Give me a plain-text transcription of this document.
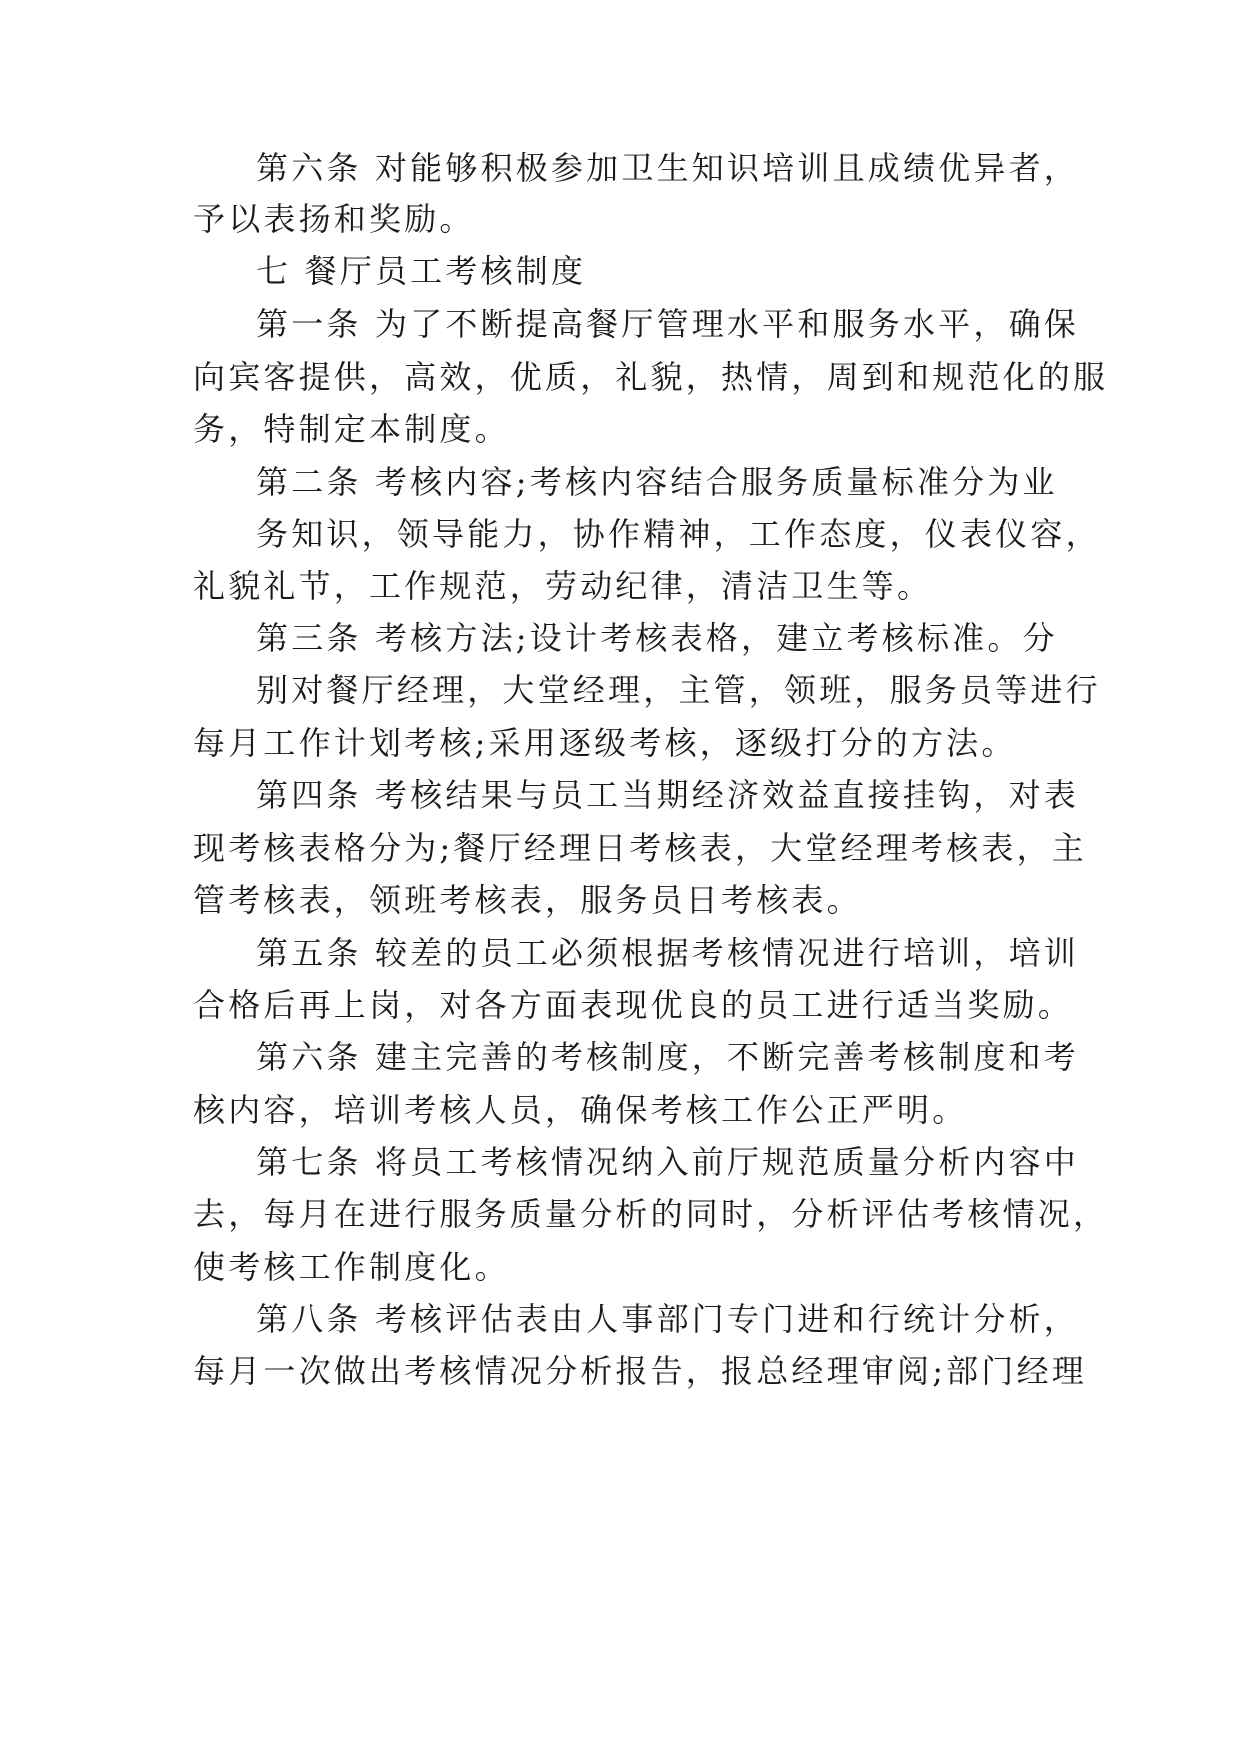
第六条 对能够积极参加卫生知识培训且成绩优异者，
予以表扬和奖励。
七 餐厅员工考核制度
第一条 为了不断提高餐厅管理水平和服务水平，确保
向宾客提供，高效，优质，礼貌，热情，周到和规范化的服
务，特制定本制度。
第二条 考核内容;考核内容结合服务质量标准分为业
务知识，领导能力，协作精神，工作态度，仪表仪容，
礼貌礼节，工作规范，劳动纪律，清洁卫生等。
第三条 考核方法;设计考核表格，建立考核标准。分
别对餐厅经理，大堂经理，主管，领班，服务员等进行
每月工作计划考核;采用逐级考核，逐级打分的方法。
第四条 考核结果与员工当期经济效益直接挂钩，对表
现考核表格分为;餐厅经理日考核表，大堂经理考核表，主
管考核表，领班考核表，服务员日考核表。
第五条 较差的员工必须根据考核情况进行培训，培训
合格后再上岗，对各方面表现优良的员工进行适当奖励。
第六条 建主完善的考核制度，不断完善考核制度和考
核内容，培训考核人员，确保考核工作公正严明。
第七条 将员工考核情况纳入前厅规范质量分析内容中
去，每月在进行服务质量分析的同时，分析评估考核情况，
使考核工作制度化。
第八条 考核评估表由人事部门专门进和行统计分析，
每月一次做出考核情况分析报告，报总经理审阅;部门经理
